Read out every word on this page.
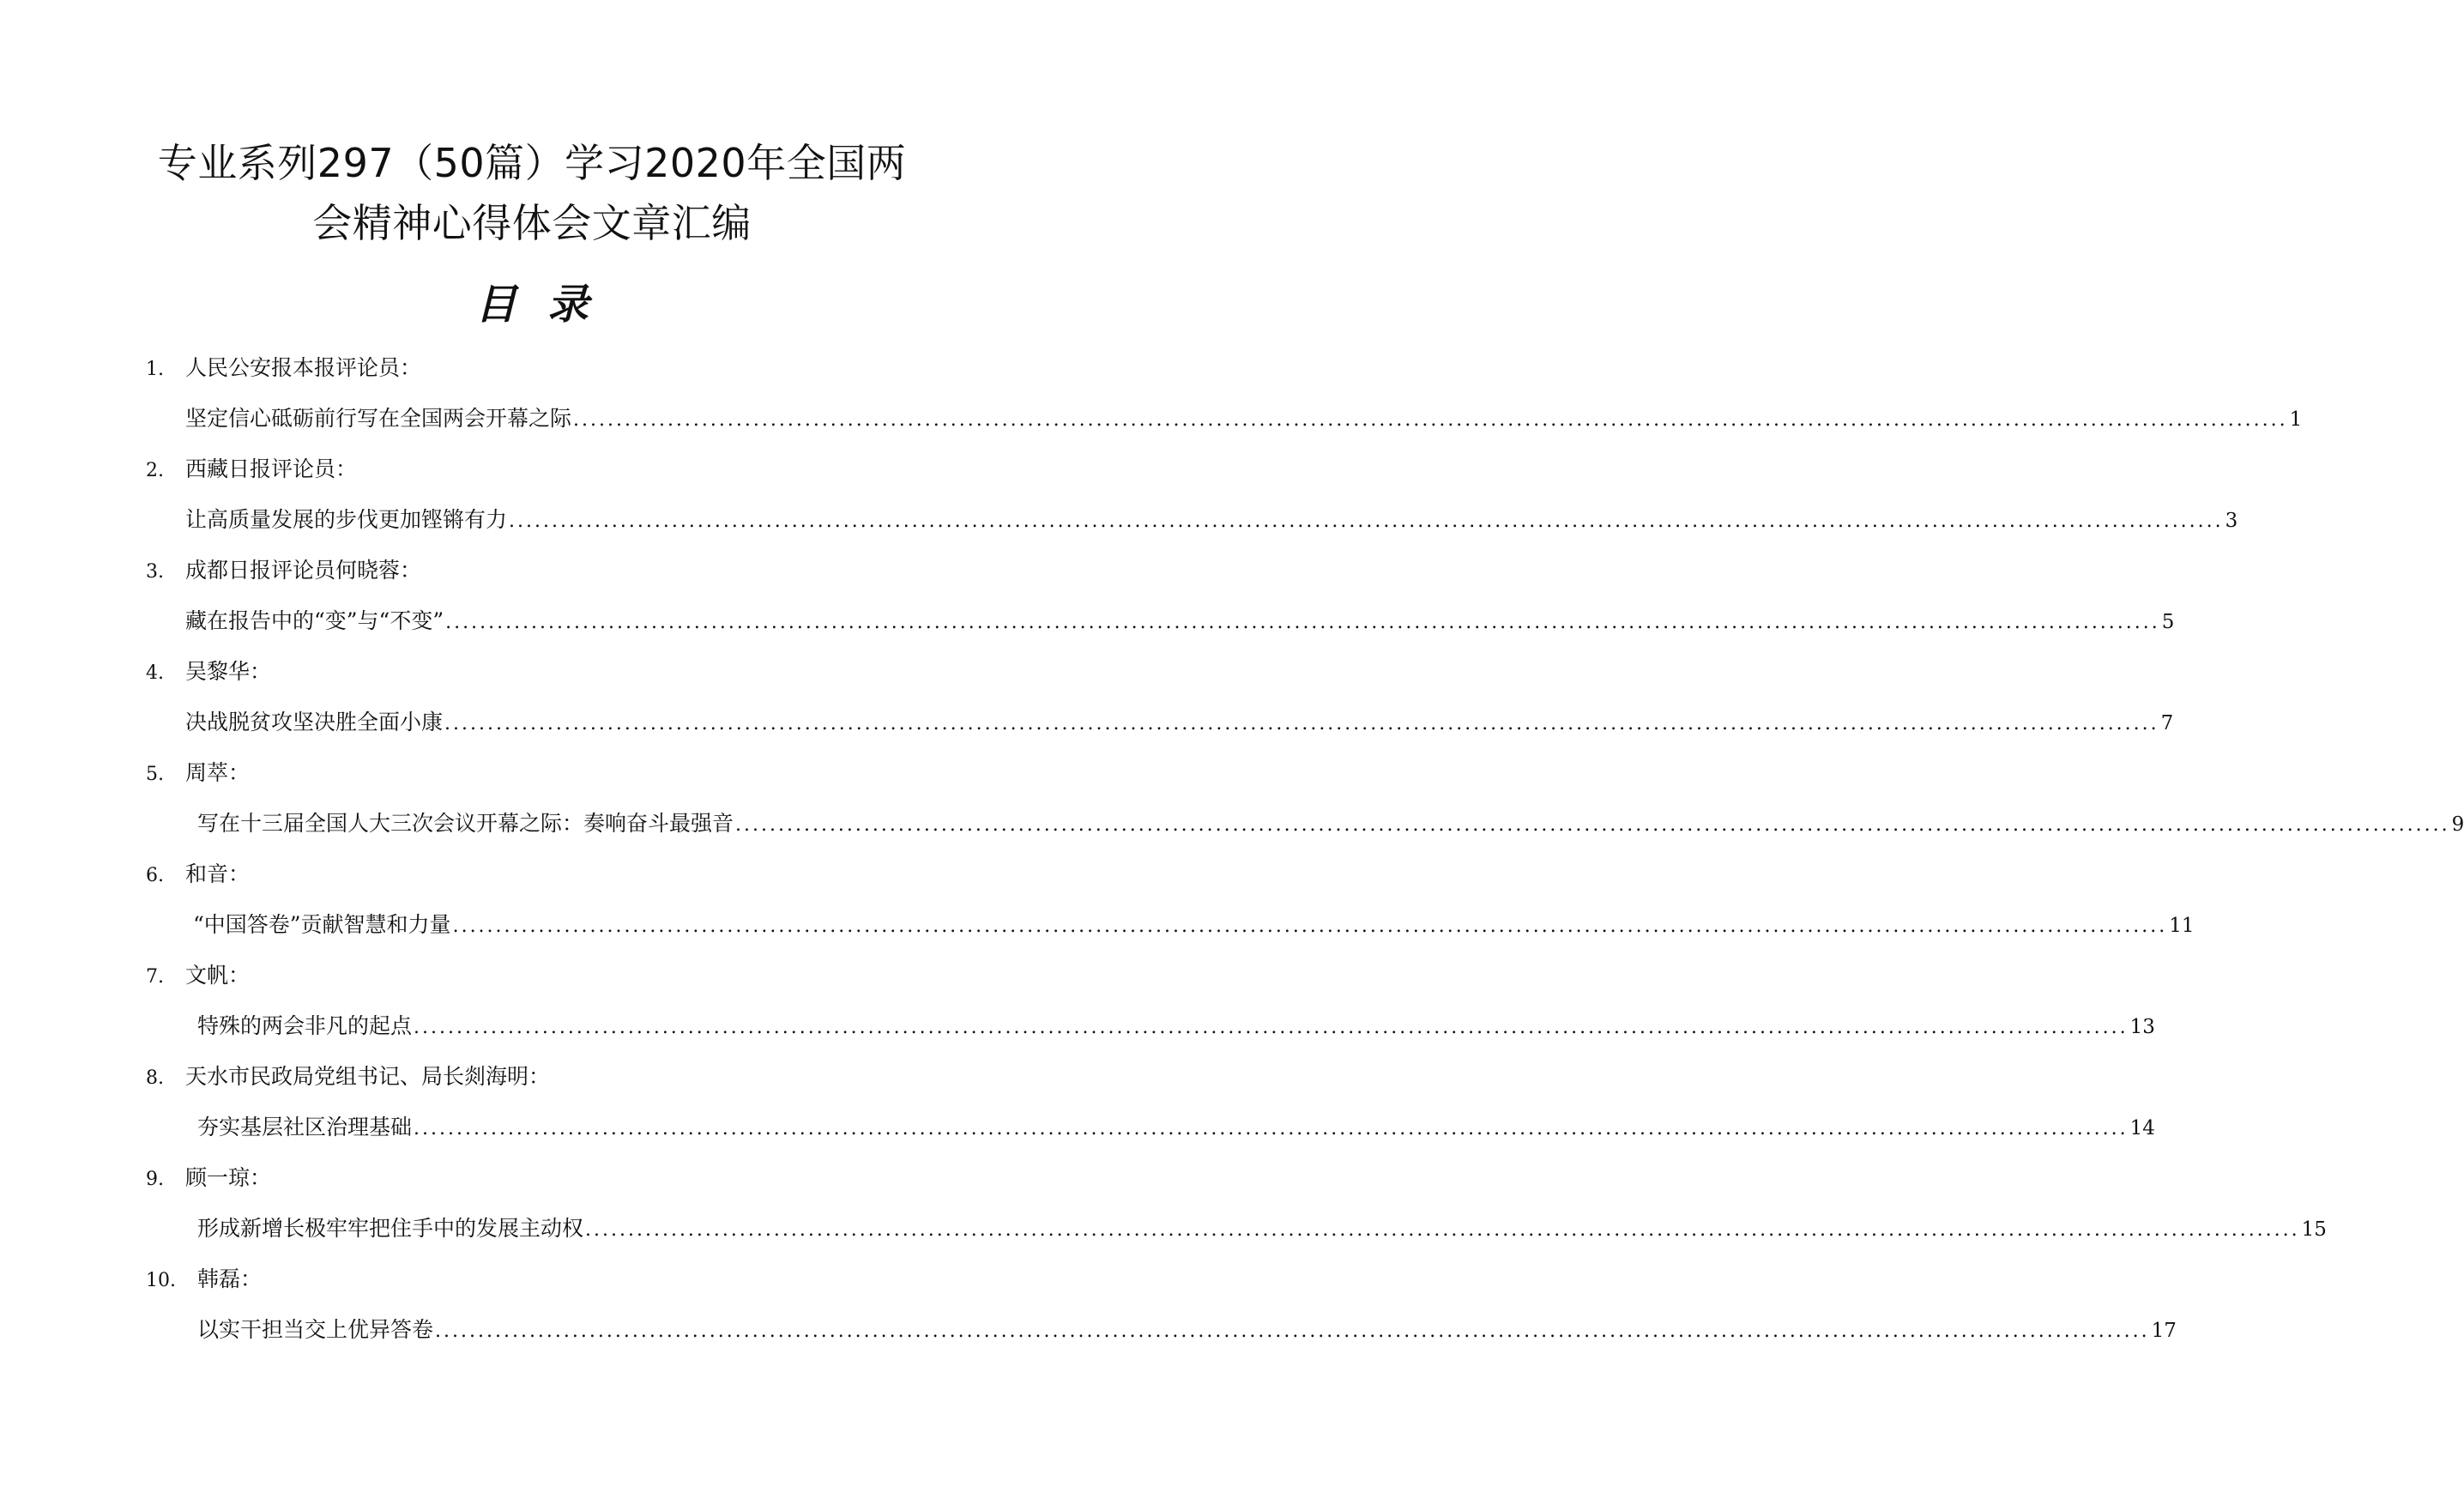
专业系列297（50篇）学习2020年全国两
会精神心得体会文章汇编
目 录
1. 人民公安报本报评论员：
坚定信心砥砺前行写在全国两会开幕之际 ........................................................................................................................................................................................................ 1
2. 西藏日报评论员：
让高质量发展的步伐更加铿锵有力 ........................................................................................................................................................................................................ 3
3. 成都日报评论员何晓蓉：
藏在报告中的“变”与“不变” ........................................................................................................................................................................................................ 5
4. 吴黎华：
决战脱贫攻坚决胜全面小康 ........................................................................................................................................................................................................ 7
5. 周萃：
写在十三届全国人大三次会议开幕之际：奏响奋斗最强音 ........................................................................................................................................................................................................ 9
6. 和音：
“中国答卷”贡献智慧和力量 ........................................................................................................................................................................................................ 11
7. 文帆：
特殊的两会非凡的起点 ........................................................................................................................................................................................................ 13
8. 天水市民政局党组书记、局长剡海明：
夯实基层社区治理基础 ........................................................................................................................................................................................................ 14
9. 顾一琼：
形成新增长极牢牢把住手中的发展主动权 ........................................................................................................................................................................................................ 15
10. 韩磊：
以实干担当交上优异答卷 ........................................................................................................................................................................................................ 17
